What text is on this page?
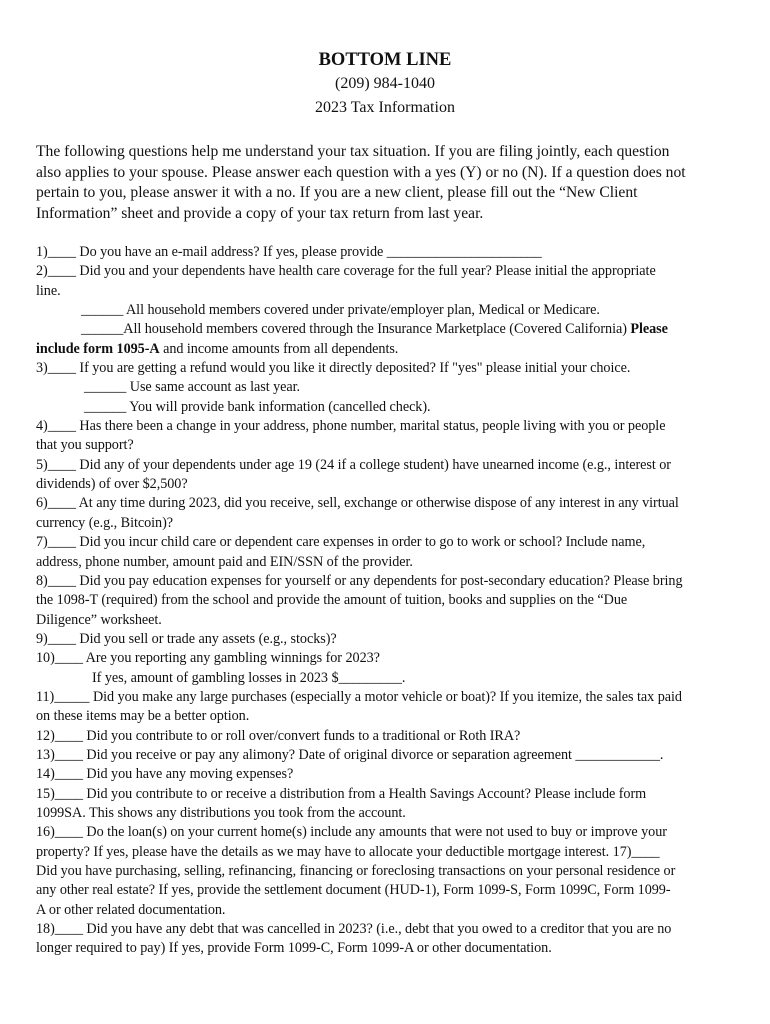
BOTTOM LINE
(209) 984-1040
2023 Tax Information
The following questions help me understand your tax situation. If you are filing jointly, each question
also applies to your spouse. Please answer each question with a yes (Y) or no (N). If a question does not
pertain to you, please answer it with a no. If you are a new client, please fill out the “New Client
Information” sheet and provide a copy of your tax return from last year.
1)____ Do you have an e-mail address? If yes, please provide ______________________
2)____ Did you and your dependents have health care coverage for the full year? Please initial the appropriate
line.
______ All household members covered under private/employer plan, Medical or Medicare.
______All household members covered through the Insurance Marketplace (Covered California) Please
include form 1095-A and income amounts from all dependents.
3)____ If you are getting a refund would you like it directly deposited? If "yes" please initial your choice.
______ Use same account as last year.
______ You will provide bank information (cancelled check).
4)____ Has there been a change in your address, phone number, marital status, people living with you or people
that you support?
5)____ Did any of your dependents under age 19 (24 if a college student) have unearned income (e.g., interest or
dividends) of over $2,500?
6)____ At any time during 2023, did you receive, sell, exchange or otherwise dispose of any interest in any virtual
currency (e.g., Bitcoin)?
7)____ Did you incur child care or dependent care expenses in order to go to work or school? Include name,
address, phone number, amount paid and EIN/SSN of the provider.
8)____ Did you pay education expenses for yourself or any dependents for post-secondary education? Please bring
the 1098-T (required) from the school and provide the amount of tuition, books and supplies on the “Due
Diligence” worksheet.
9)____ Did you sell or trade any assets (e.g., stocks)?
10)____ Are you reporting any gambling winnings for 2023?
If yes, amount of gambling losses in 2023 $_________.
11)_____ Did you make any large purchases (especially a motor vehicle or boat)? If you itemize, the sales tax paid
on these items may be a better option.
12)____ Did you contribute to or roll over/convert funds to a traditional or Roth IRA?
13)____ Did you receive or pay any alimony? Date of original divorce or separation agreement ____________.
14)____ Did you have any moving expenses?
15)____ Did you contribute to or receive a distribution from a Health Savings Account? Please include form
1099SA. This shows any distributions you took from the account.
16)____ Do the loan(s) on your current home(s) include any amounts that were not used to buy or improve your
property? If yes, please have the details as we may have to allocate your deductible mortgage interest. 17)____
Did you have purchasing, selling, refinancing, financing or foreclosing transactions on your personal residence or
any other real estate? If yes, provide the settlement document (HUD-1), Form 1099-S, Form 1099C, Form 1099-
A or other related documentation.
18)____ Did you have any debt that was cancelled in 2023? (i.e., debt that you owed to a creditor that you are no
longer required to pay) If yes, provide Form 1099-C, Form 1099-A or other documentation.
